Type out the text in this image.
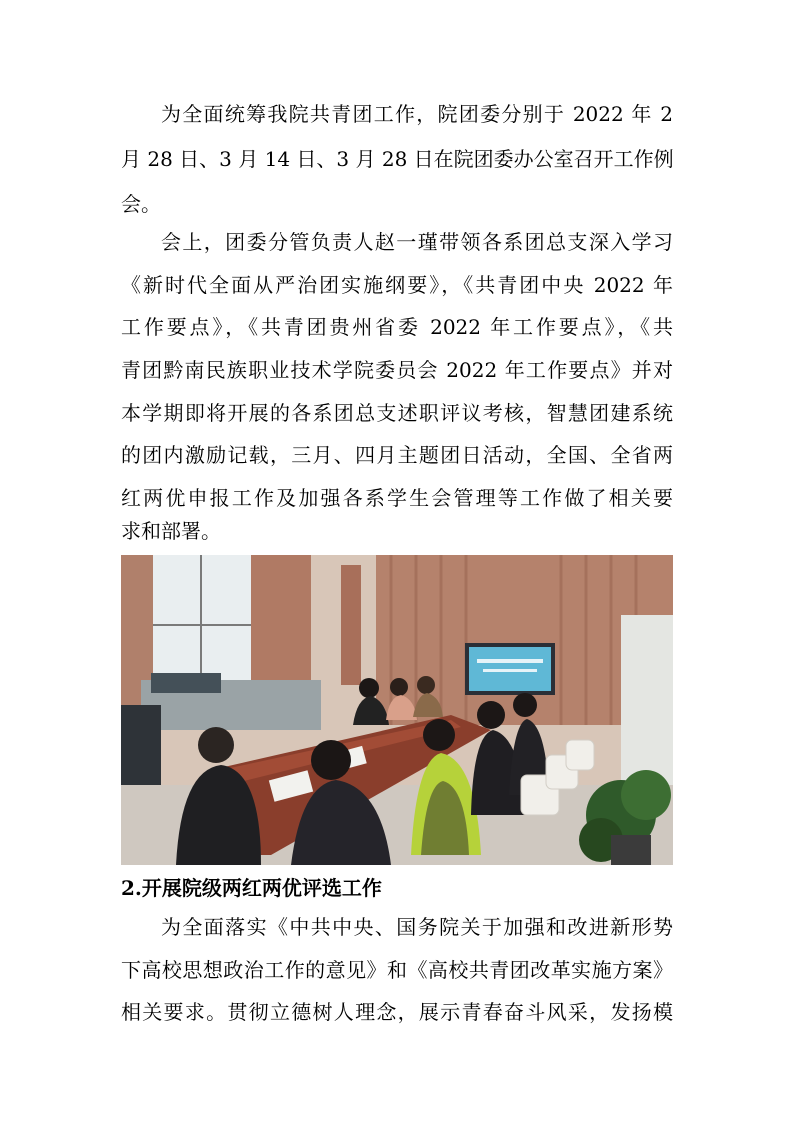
为全面统筹我院共青团工作，院团委分别于 2022 年 2
月 28 日、3 月 14 日、3 月 28 日在院团委办公室召开工作例
会。
会上，团委分管负责人赵一瑾带领各系团总支深入学习
《新时代全面从严治团实施纲要》，《共青团中央 2022 年
工作要点》，《共青团贵州省委 2022 年工作要点》，《共
青团黔南民族职业技术学院委员会 2022 年工作要点》并对
本学期即将开展的各系团总支述职评议考核，智慧团建系统
的团内激励记载，三月、四月主题团日活动，全国、全省两
红两优申报工作及加强各系学生会管理等工作做了相关要
求和部署。
2.开展院级两红两优评选工作
为全面落实《中共中央、国务院关于加强和改进新形势
下高校思想政治工作的意见》和《高校共青团改革实施方案》
相关要求。贯彻立德树人理念，展示青春奋斗风采，发扬模
